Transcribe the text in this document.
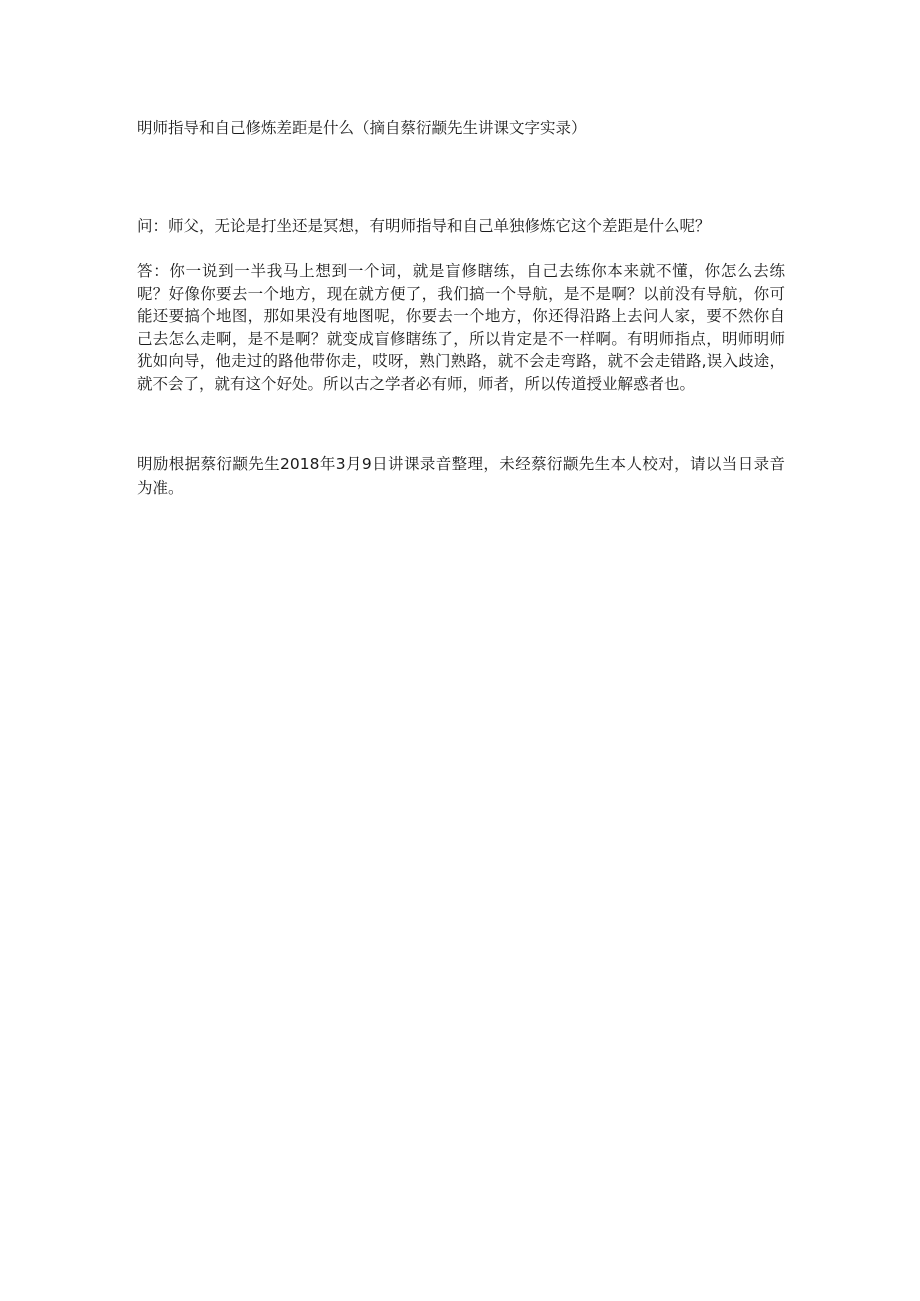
明师指导和自己修炼差距是什么（摘自蔡衍颛先生讲课文字实录）
问：师父，无论是打坐还是冥想，有明师指导和自己单独修炼它这个差距是什么呢？
答：你一说到一半我马上想到一个词，就是盲修瞎练，自己去练你本来就不懂，你怎么去练呢？好像你要去一个地方，现在就方便了，我们搞一个导航，是不是啊？以前没有导航，你可能还要搞个地图，那如果没有地图呢，你要去一个地方，你还得沿路上去问人家，要不然你自己去怎么走啊，是不是啊？就变成盲修瞎练了，所以肯定是不一样啊。有明师指点，明师明师犹如向导，他走过的路他带你走，哎呀，熟门熟路，就不会走弯路，就不会走错路,误入歧途，就不会了，就有这个好处。所以古之学者必有师，师者，所以传道授业解惑者也。
明励根据蔡衍颛先生2018年3月9日讲课录音整理，未经蔡衍颛先生本人校对，请以当日录音为准。
